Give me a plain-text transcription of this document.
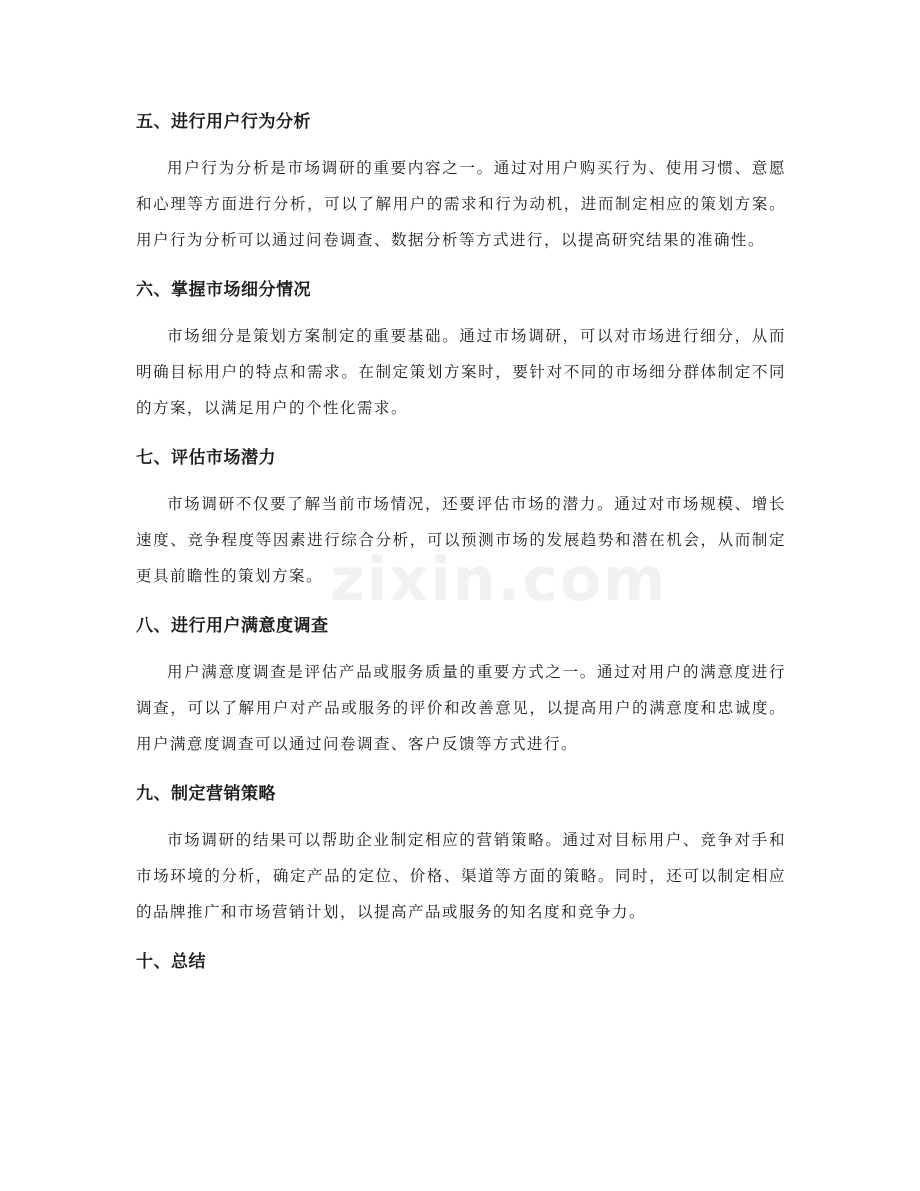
zixin.com
五、进行用户行为分析

用户行为分析是市场调研的重要内容之一。通过对用户购买行为、使用习惯、意愿和心理等方面进行分析，可以了解用户的需求和行为动机，进而制定相应的策划方案。用户行为分析可以通过问卷调查、数据分析等方式进行，以提高研究结果的准确性。

六、掌握市场细分情况

市场细分是策划方案制定的重要基础。通过市场调研，可以对市场进行细分，从而明确目标用户的特点和需求。在制定策划方案时，要针对不同的市场细分群体制定不同的方案，以满足用户的个性化需求。

七、评估市场潜力

市场调研不仅要了解当前市场情况，还要评估市场的潜力。通过对市场规模、增长速度、竞争程度等因素进行综合分析，可以预测市场的发展趋势和潜在机会，从而制定更具前瞻性的策划方案。

八、进行用户满意度调查

用户满意度调查是评估产品或服务质量的重要方式之一。通过对用户的满意度进行调查，可以了解用户对产品或服务的评价和改善意见，以提高用户的满意度和忠诚度。用户满意度调查可以通过问卷调查、客户反馈等方式进行。

九、制定营销策略

市场调研的结果可以帮助企业制定相应的营销策略。通过对目标用户、竞争对手和市场环境的分析，确定产品的定位、价格、渠道等方面的策略。同时，还可以制定相应的品牌推广和市场营销计划，以提高产品或服务的知名度和竞争力。

十、总结
